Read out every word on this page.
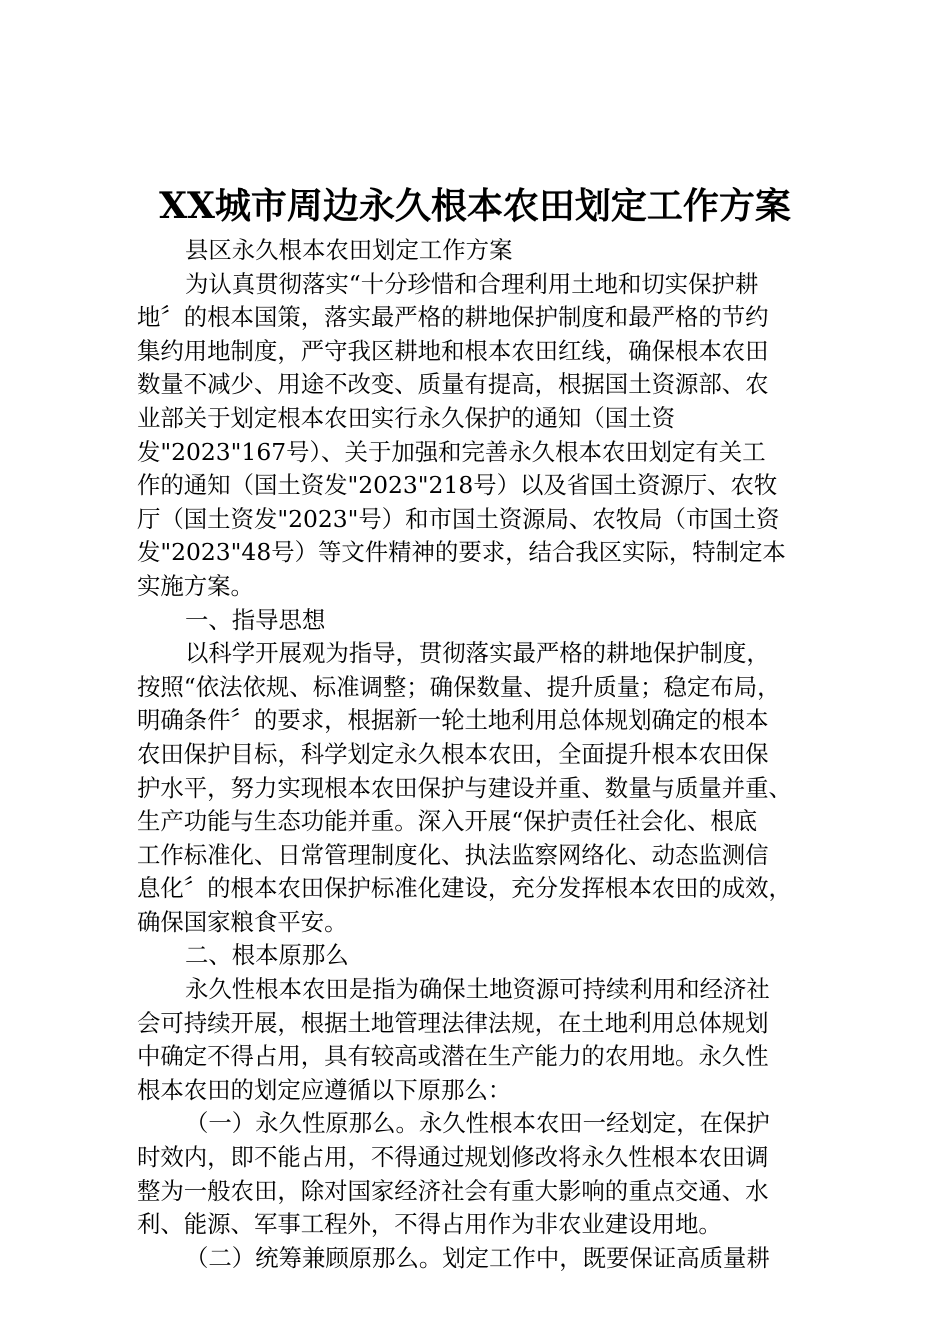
XX城市周边永久根本农田划定工作方案
县区永久根本农田划定工作方案
为认真贯彻落实“十分珍惜和合理利用土地和切实保护耕
地〞的根本国策，落实最严格的耕地保护制度和最严格的节约
集约用地制度，严守我区耕地和根本农田红线，确保根本农田
数量不减少、用途不改变、质量有提高，根据国土资源部、农
业部关于划定根本农田实行永久保护的通知（国土资
发"2023"167号）、关于加强和完善永久根本农田划定有关工
作的通知（国土资发"2023"218号）以及省国土资源厅、农牧
厅（国土资发"2023"号）和市国土资源局、农牧局（市国土资
发"2023"48号）等文件精神的要求，结合我区实际，特制定本
实施方案。
一、指导思想
以科学开展观为指导，贯彻落实最严格的耕地保护制度，
按照“依法依规、标准调整；确保数量、提升质量；稳定布局，
明确条件〞的要求，根据新一轮土地利用总体规划确定的根本
农田保护目标，科学划定永久根本农田，全面提升根本农田保
护水平，努力实现根本农田保护与建设并重、数量与质量并重、
生产功能与生态功能并重。深入开展“保护责任社会化、根底
工作标准化、日常管理制度化、执法监察网络化、动态监测信
息化〞的根本农田保护标准化建设，充分发挥根本农田的成效，
确保国家粮食平安。
二、根本原那么
永久性根本农田是指为确保土地资源可持续利用和经济社
会可持续开展，根据土地管理法律法规，在土地利用总体规划
中确定不得占用，具有较高或潜在生产能力的农用地。永久性
根本农田的划定应遵循以下原那么：
（一）永久性原那么。永久性根本农田一经划定，在保护
时效内，即不能占用，不得通过规划修改将永久性根本农田调
整为一般农田，除对国家经济社会有重大影响的重点交通、水
利、能源、军事工程外，不得占用作为非农业建设用地。
（二）统筹兼顾原那么。划定工作中，既要保证高质量耕
